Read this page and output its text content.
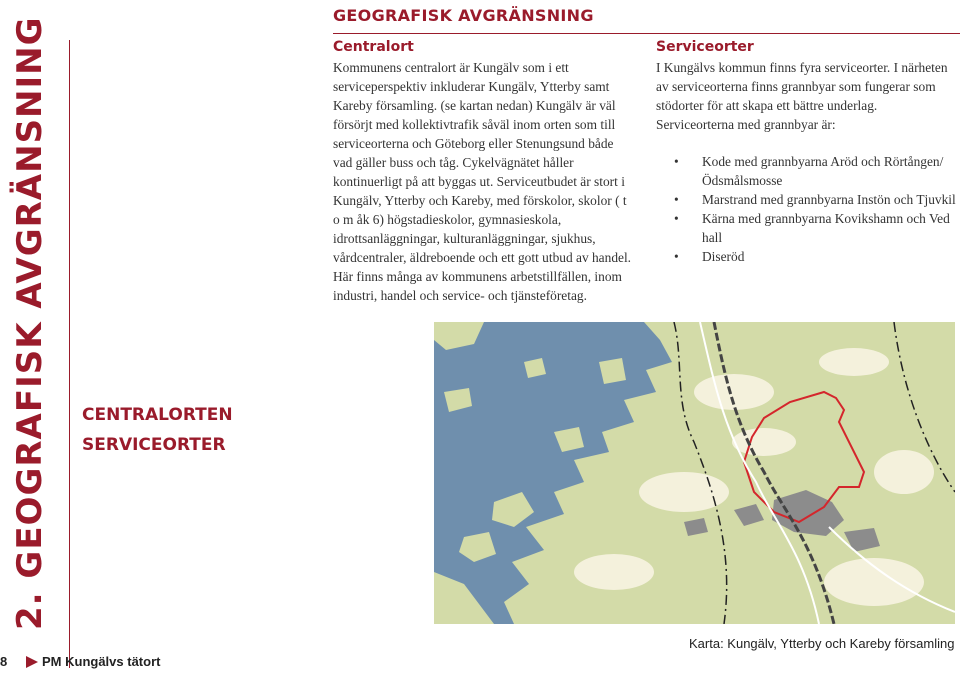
2. GEOGRAFISK AVGRÄNSNING CENTRALORTEN
SERVICEORTER
8	PM Kungälvs tätort
GEOGRAFISK AVGRÄNSNING
Centralort

Kommunens centralort är Kungälv som i ett serviceperspektiv inkluderar Kungälv, Ytterby samt Kareby församling. (se kartan nedan) Kungälv är väl försörjt med kollektivtrafik såväl inom orten som till serviceorterna och Göteborg eller Stenungsund både vad gäller buss och tåg. Cykelvägnätet håller kontinuerligt på att byggas ut. Serviceutbudet är stort i Kungälv, Ytterby och Kareby, med förskolor, skolor ( t o m åk 6) högstadieskolor, gymnasieskola, idrottsanläggningar, kulturanläggningar, sjukhus, vårdcentraler, äldreboende och ett gott utbud av handel. Här finns många av kommunens arbetstillfällen, inom industri, handel och service- och tjänsteföretag.

Serviceorter

I Kungälvs kommun finns fyra serviceorter. I närheten av serviceorterna finns grannbyar som fungerar som stödorter för att skapa ett bättre underlag. Serviceorterna med grannbyar är:

• Kode med grannbyarna Aröd och Rörtången/ Ödsmålsmosse
• Marstrand med grannbyarna Instön och Tjuvkil
• Kärna med grannbyarna Kovikshamn och Ved hall
• Diseröd
Karta: Kungälv, Ytterby och Kareby församling
